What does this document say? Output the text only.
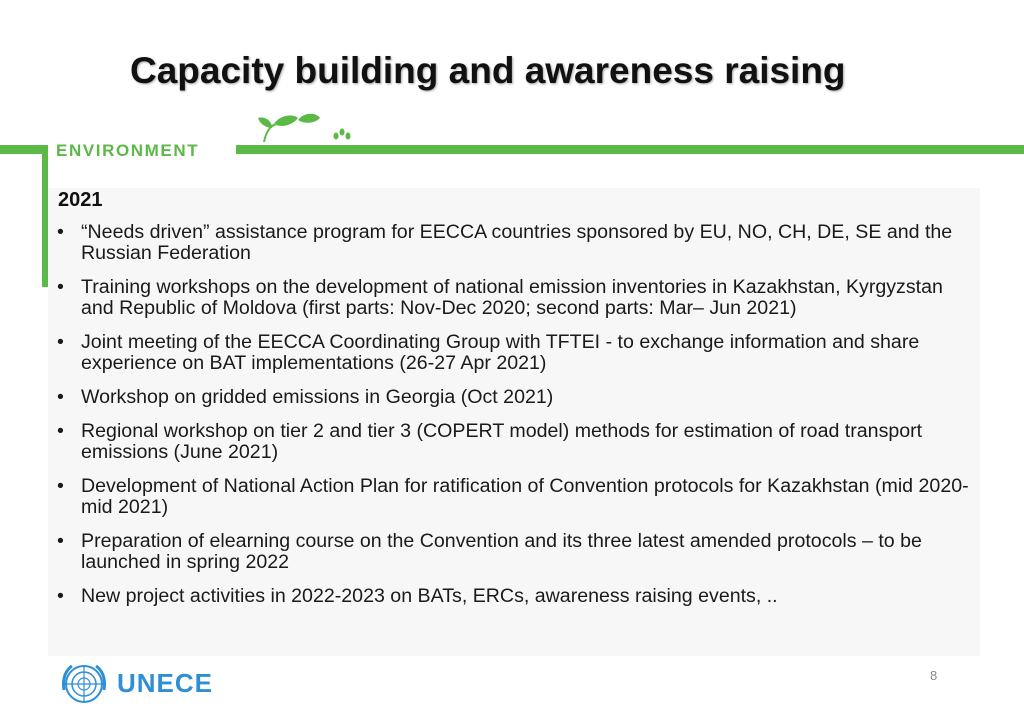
Capacity building and awareness raising
ENVIRONMENT
2021
• “Needs driven” assistance program for EECCA countries sponsored by EU, NO, CH, DE, SE and the Russian Federation
• Training workshops on the development of national emission inventories in Kazakhstan, Kyrgyzstan and Republic of Moldova (first parts: Nov-Dec 2020; second parts: Mar– Jun 2021)
• Joint meeting of the EECCA Coordinating Group with TFTEI - to exchange information and share experience on BAT implementations (26-27 Apr 2021)
• Workshop on gridded emissions in Georgia (Oct 2021)
• Regional workshop on tier 2 and tier 3 (COPERT model) methods for estimation of road transport emissions (June 2021)
• Development of National Action Plan for ratification of Convention protocols for Kazakhstan (mid 2020- mid 2021)
• Preparation of elearning course on the Convention and its three latest amended protocols – to be launched in spring 2022
• New project activities in 2022-2023 on BATs, ERCs, awareness raising events, ..
UNECE	8
